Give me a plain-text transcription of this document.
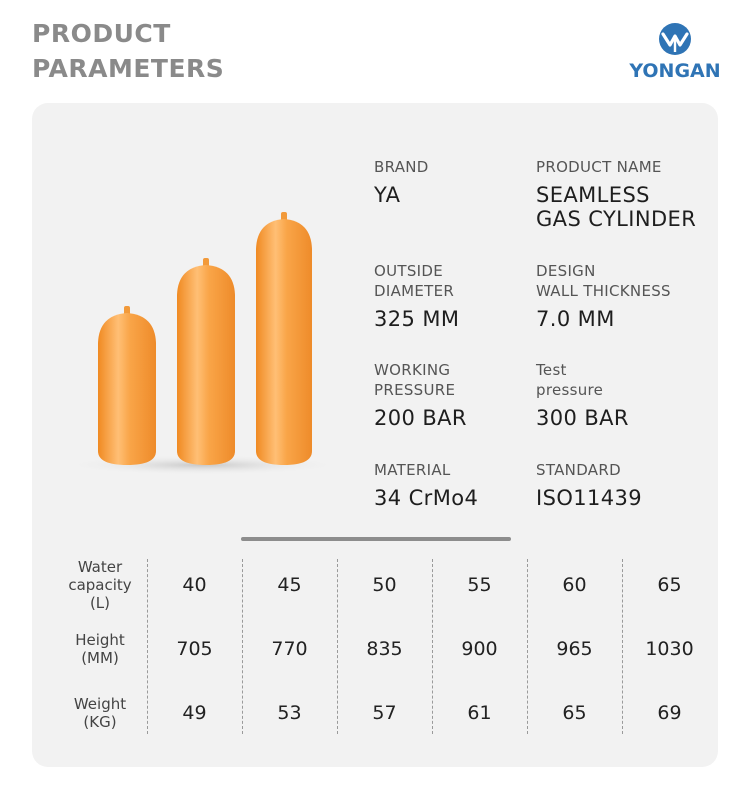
PRODUCT
PARAMETERS	YONGAN
BRAND
YA
PRODUCT NAME
SEAMLESS
GAS CYLINDER
OUTSIDE
DIAMETER
325 MM
DESIGN
WALL THICKNESS
7.0 MM
WORKING
PRESSURE
200 BAR
Test
pressure
300 BAR
MATERIAL
34 CrMo4
STANDARD
ISO11439
Water
capacity
(L)
40	45	50	55	60	65
Height
(MM)	705	770	835	900	965	1030
Weight
(KG)	49	53	57	61	65	69
